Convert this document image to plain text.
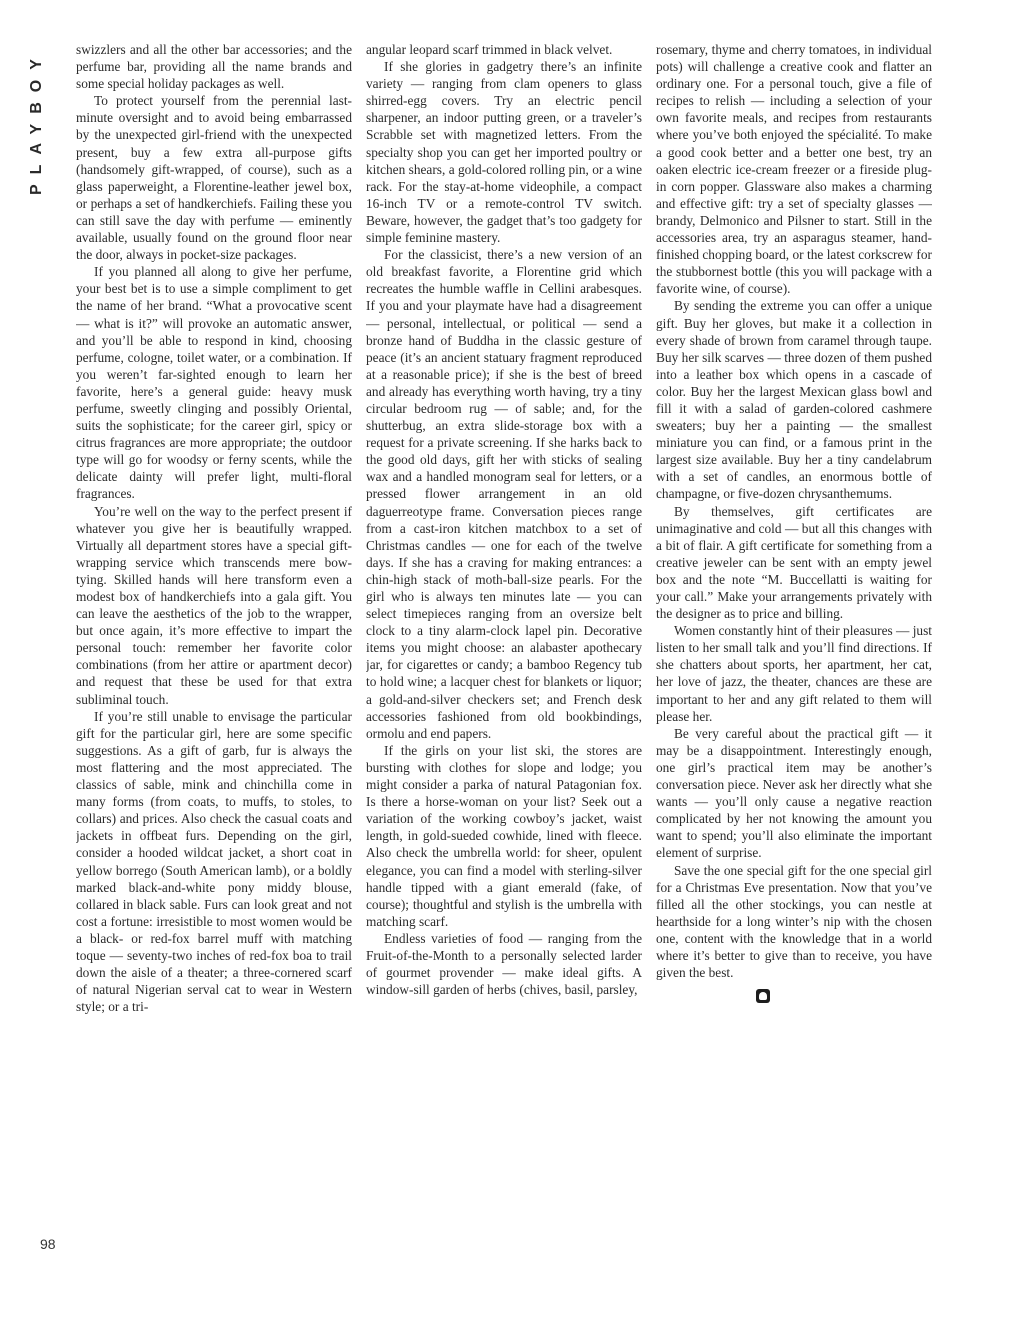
PLAYBOY swizzlers and all the other bar accessories; and the perfume bar, providing all the name brands and some special holiday packages as well.

To protect yourself from the perennial last-minute oversight and to avoid being embarrassed by the unexpected girl-friend with the unexpected present, buy a few extra all-purpose gifts (handsomely gift-wrapped, of course), such as a glass paperweight, a Florentine-leather jewel box, or perhaps a set of handkerchiefs. Failing these you can still save the day with perfume — eminently available, usually found on the ground floor near the door, always in pocket-size packages.

If you planned all along to give her perfume, your best bet is to use a simple compliment to get the name of her brand. “What a provocative scent — what is it?” will provoke an automatic answer, and you’ll be able to respond in kind, choosing perfume, cologne, toilet water, or a combination. If you weren’t far-sighted enough to learn her favorite, here’s a general guide: heavy musk perfume, sweetly clinging and possibly Oriental, suits the sophisticate; for the career girl, spicy or citrus fragrances are more appropriate; the outdoor type will go for woodsy or ferny scents, while the delicate dainty will prefer light, multi-floral fragrances.

You’re well on the way to the perfect present if whatever you give her is beautifully wrapped. Virtually all department stores have a special gift-wrapping service which transcends mere bow-tying. Skilled hands will here transform even a modest box of handkerchiefs into a gala gift. You can leave the aesthetics of the job to the wrapper, but once again, it’s more effective to impart the personal touch: remember her favorite color combinations (from her attire or apartment decor) and request that these be used for that extra subliminal touch.

If you’re still unable to envisage the particular gift for the particular girl, here are some specific suggestions. As a gift of garb, fur is always the most flattering and the most appreciated. The classics of sable, mink and chinchilla come in many forms (from coats, to muffs, to stoles, to collars) and prices. Also check the casual coats and jackets in offbeat furs. Depending on the girl, consider a hooded wildcat jacket, a short coat in yellow borrego (South American lamb), or a boldly marked black-and-white pony middy blouse, collared in black sable. Furs can look great and not cost a fortune: irresistible to most women would be a black- or red-fox barrel muff with matching toque — seventy-two inches of red-fox boa to trail down the aisle of a theater; a three-cornered scarf of natural Nigerian serval cat to wear in Western style; or a tri-

angular leopard scarf trimmed in black velvet.

If she glories in gadgetry there’s an infinite variety — ranging from clam openers to glass shirred-egg covers. Try an electric pencil sharpener, an indoor putting green, or a traveler’s Scrabble set with magnetized letters. From the specialty shop you can get her imported poultry or kitchen shears, a gold-colored rolling pin, or a wine rack. For the stay-at-home videophile, a compact 16-inch TV or a remote-control TV switch. Beware, however, the gadget that’s too gadgety for simple feminine mastery.

For the classicist, there’s a new version of an old breakfast favorite, a Florentine grid which recreates the humble waffle in Cellini arabesques. If you and your playmate have had a disagreement — personal, intellectual, or political — send a bronze hand of Buddha in the classic gesture of peace (it’s an ancient statuary fragment reproduced at a reasonable price); if she is the best of breed and already has everything worth having, try a tiny circular bedroom rug — of sable; and, for the shutterbug, an extra slide-storage box with a request for a private screening. If she harks back to the good old days, gift her with sticks of sealing wax and a handled monogram seal for letters, or a pressed flower arrangement in an old daguerreotype frame. Conversation pieces range from a cast-iron kitchen matchbox to a set of Christmas candles — one for each of the twelve days. If she has a craving for making entrances: a chin-high stack of moth-ball-size pearls. For the girl who is always ten minutes late — you can select timepieces ranging from an oversize belt clock to a tiny alarm-clock lapel pin. Decorative items you might choose: an alabaster apothecary jar, for cigarettes or candy; a bamboo Regency tub to hold wine; a lacquer chest for blankets or liquor; a gold-and-silver checkers set; and French desk accessories fashioned from old bookbindings, ormolu and end papers.

If the girls on your list ski, the stores are bursting with clothes for slope and lodge; you might consider a parka of natural Patagonian fox. Is there a horse-woman on your list? Seek out a variation of the working cowboy’s jacket, waist length, in gold-sueded cowhide, lined with fleece. Also check the umbrella world: for sheer, opulent elegance, you can find a model with sterling-silver handle tipped with a giant emerald (fake, of course); thoughtful and stylish is the umbrella with matching scarf.

Endless varieties of food — ranging from the Fruit-of-the-Month to a personally selected larder of gourmet provender — make ideal gifts. A window-sill garden of herbs (chives, basil, parsley,

rosemary, thyme and cherry tomatoes, in individual pots) will challenge a creative cook and flatter an ordinary one. For a personal touch, give a file of recipes to relish — including a selection of your own favorite meals, and recipes from restaurants where you’ve both enjoyed the spécialité. To make a good cook better and a better one best, try an oaken electric ice-cream freezer or a fireside plug-in corn popper. Glassware also makes a charming and effective gift: try a set of specialty glasses — brandy, Delmonico and Pilsner to start. Still in the accessories area, try an asparagus steamer, hand-finished chopping board, or the latest corkscrew for the stubbornest bottle (this you will package with a favorite wine, of course).

By sending the extreme you can offer a unique gift. Buy her gloves, but make it a collection in every shade of brown from caramel through taupe. Buy her silk scarves — three dozen of them pushed into a leather box which opens in a cascade of color. Buy her the largest Mexican glass bowl and fill it with a salad of garden-colored cashmere sweaters; buy her a painting — the smallest miniature you can find, or a famous print in the largest size available. Buy her a tiny candelabrum with a set of candles, an enormous bottle of champagne, or five-dozen chrysanthemums.

By themselves, gift certificates are unimaginative and cold — but all this changes with a bit of flair. A gift certificate for something from a creative jeweler can be sent with an empty jewel box and the note “M. Buccellatti is waiting for your call.” Make your arrangements privately with the designer as to price and billing.

Women constantly hint of their pleasures — just listen to her small talk and you’ll find directions. If she chatters about sports, her apartment, her cat, her love of jazz, the theater, chances are these are important to her and any gift related to them will please her.

Be very careful about the practical gift — it may be a disappointment. Interestingly enough, one girl’s practical item may be another’s conversation piece. Never ask her directly what she wants — you’ll only cause a negative reaction complicated by her not knowing the amount you want to spend; you’ll also eliminate the important element of surprise.

Save the one special gift for the one special girl for a Christmas Eve presentation. Now that you’ve filled all the other stockings, you can nestle at hearthside for a long winter’s nip with the chosen one, content with the knowledge that in a world where it’s better to give than to receive, you have given the best.

98
